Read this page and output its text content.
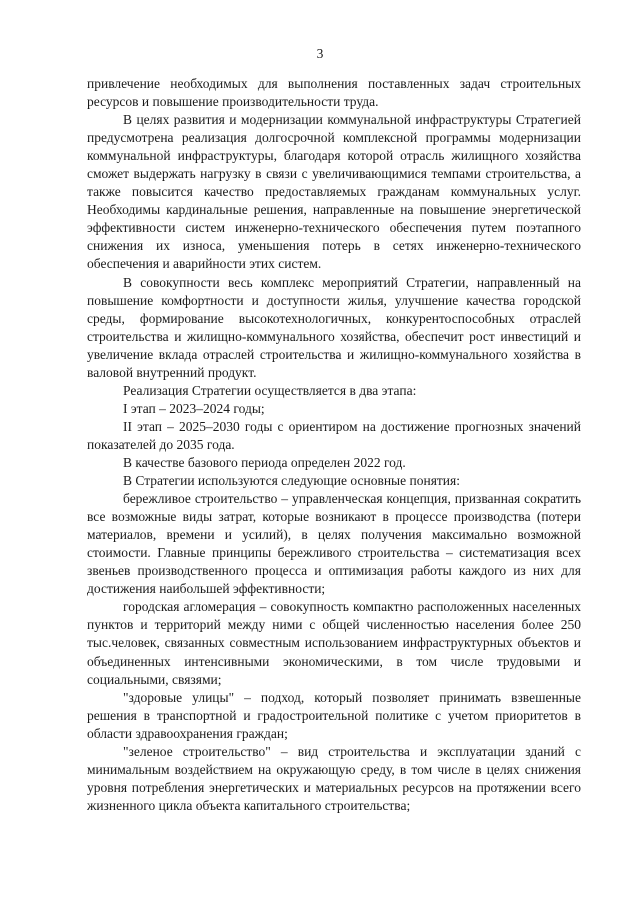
3

привлечение необходимых для выполнения поставленных задач строительных ресурсов и повышение производительности труда.

В целях развития и модернизации коммунальной инфраструктуры Стратегией предусмотрена реализация долгосрочной комплексной программы модернизации коммунальной инфраструктуры, благодаря которой отрасль жилищного хозяйства сможет выдержать нагрузку в связи с увеличивающимися темпами строительства, а также повысится качество предоставляемых гражданам коммунальных услуг. Необходимы кардинальные решения, направленные на повышение энергетической эффективности систем инженерно-технического обеспечения путем поэтапного снижения их износа, уменьшения потерь в сетях инженерно-технического обеспечения и аварийности этих систем.

В совокупности весь комплекс мероприятий Стратегии, направленный на повышение комфортности и доступности жилья, улучшение качества городской среды, формирование высокотехнологичных, конкурентоспособных отраслей строительства и жилищно-коммунального хозяйства, обеспечит рост инвестиций и увеличение вклада отраслей строительства и жилищно-коммунального хозяйства в валовой внутренний продукт.

Реализация Стратегии осуществляется в два этапа:

I этап – 2023–2024 годы;

II этап – 2025–2030 годы с ориентиром на достижение прогнозных значений показателей до 2035 года.

В качестве базового периода определен 2022 год.

В Стратегии используются следующие основные понятия:

бережливое строительство – управленческая концепция, призванная сократить все возможные виды затрат, которые возникают в процессе производства (потери материалов, времени и усилий), в целях получения максимально возможной стоимости. Главные принципы бережливого строительства – систематизация всех звеньев производственного процесса и оптимизация работы каждого из них для достижения наибольшей эффективности;

городская агломерация – совокупность компактно расположенных населенных пунктов и территорий между ними с общей численностью населения более 250 тыс.человек, связанных совместным использованием инфраструктурных объектов и объединенных интенсивными экономическими, в том числе трудовыми и социальными, связями;

"здоровые улицы" – подход, который позволяет принимать взвешенные решения в транспортной и градостроительной политике с учетом приоритетов в области здравоохранения граждан;

"зеленое строительство" – вид строительства и эксплуатации зданий с минимальным воздействием на окружающую среду, в том числе в целях снижения уровня потребления энергетических и материальных ресурсов на протяжении всего жизненного цикла объекта капитального строительства;
